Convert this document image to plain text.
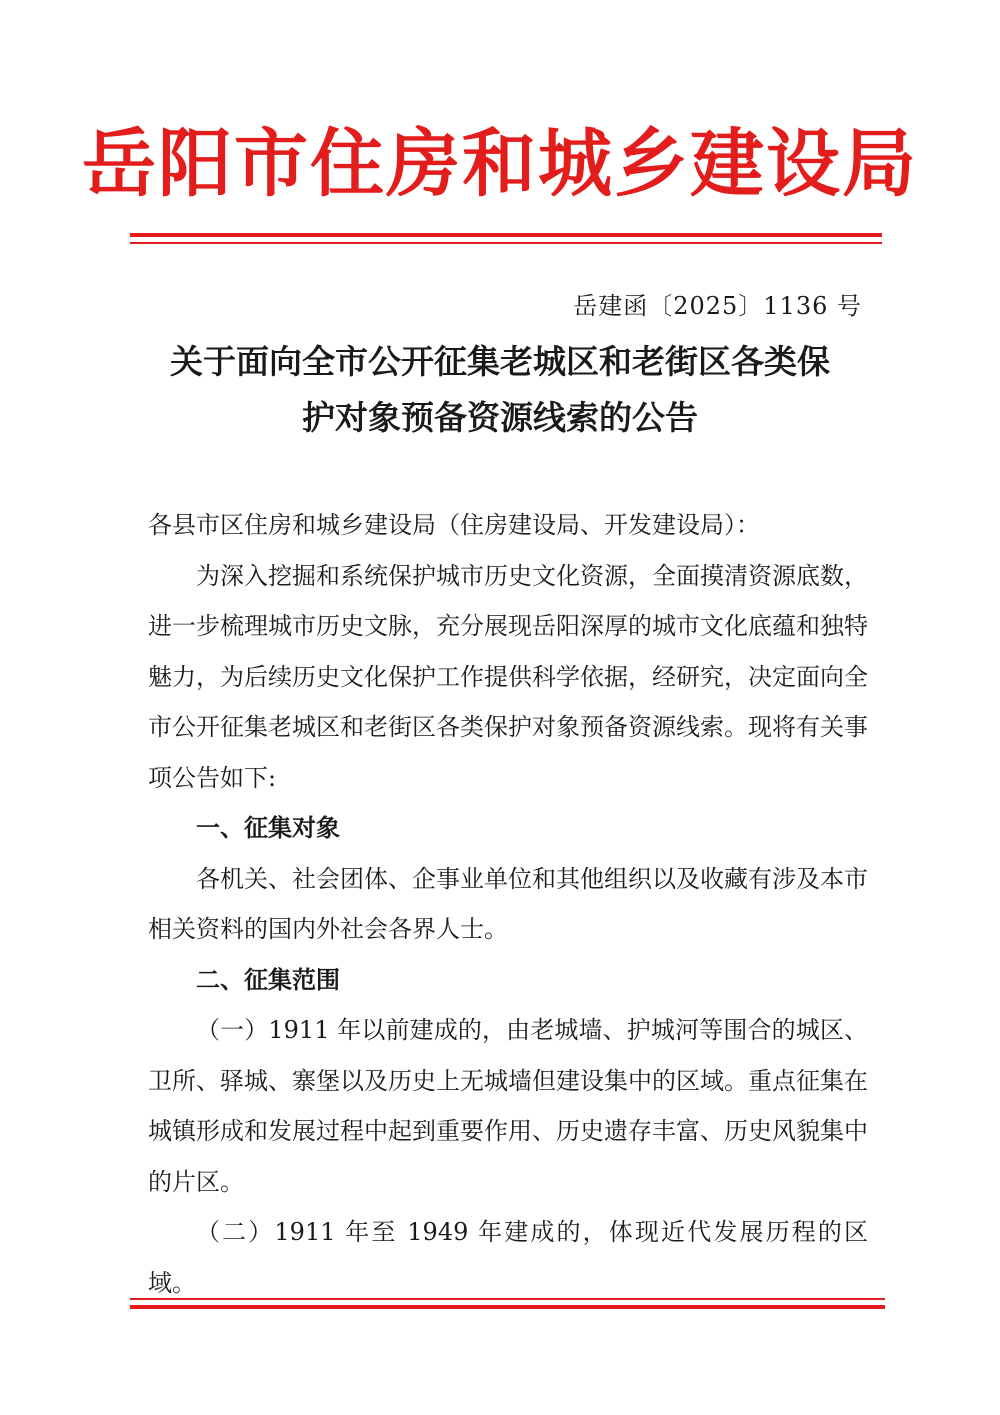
岳阳市住房和城乡建设局
岳建函〔2025〕1136 号
关于面向全市公开征集老城区和老街区各类保
护对象预备资源线索的公告

各县市区住房和城乡建设局（住房建设局、开发建设局）：

为深入挖掘和系统保护城市历史文化资源，全面摸清资源底数，进一步梳理城市历史文脉，充分展现岳阳深厚的城市文化底蕴和独特魅力，为后续历史文化保护工作提供科学依据，经研究，决定面向全市公开征集老城区和老街区各类保护对象预备资源线索。现将有关事项公告如下:

一、征集对象

各机关、社会团体、企事业单位和其他组织以及收藏有涉及本市相关资料的国内外社会各界人士。

二、征集范围

（一）1911 年以前建成的，由老城墙、护城河等围合的城区、卫所、驿城、寨堡以及历史上无城墙但建设集中的区域。重点征集在城镇形成和发展过程中起到重要作用、历史遗存丰富、历史风貌集中的片区。

（二）1911 年至 1949 年建成的，体现近代发展历程的区域。
